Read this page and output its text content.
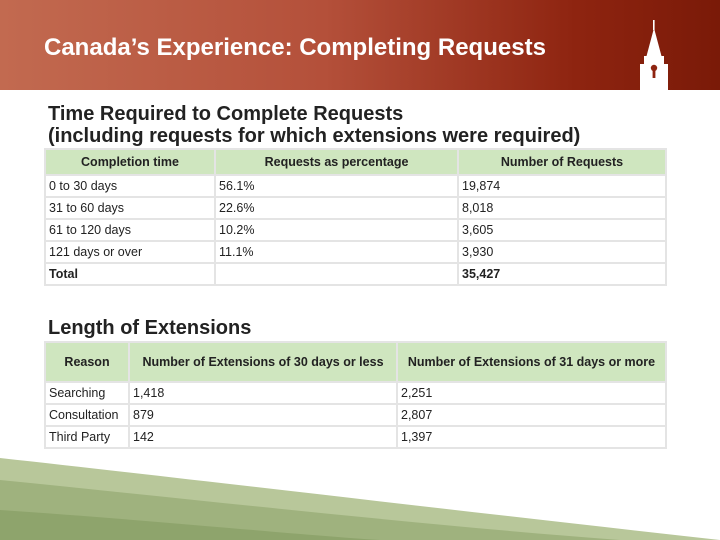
Canada’s Experience: Completing Requests
Time Required to Complete Requests
(including requests for which extensions were required)
Completion time	Requests as percentage	Number of Requests
0 to 30 days	56.1%	19,874
31 to 60 days	22.6%	8,018
61 to 120 days	10.2%	3,605
121 days or over	11.1%	3,930
Total		35,427
Length of Extensions
Reason	Number of Extensions of 30 days or less	Number of Extensions of 31 days or more
Searching	1,418	2,251
Consultation	879	2,807
Third Party	142	1,397
